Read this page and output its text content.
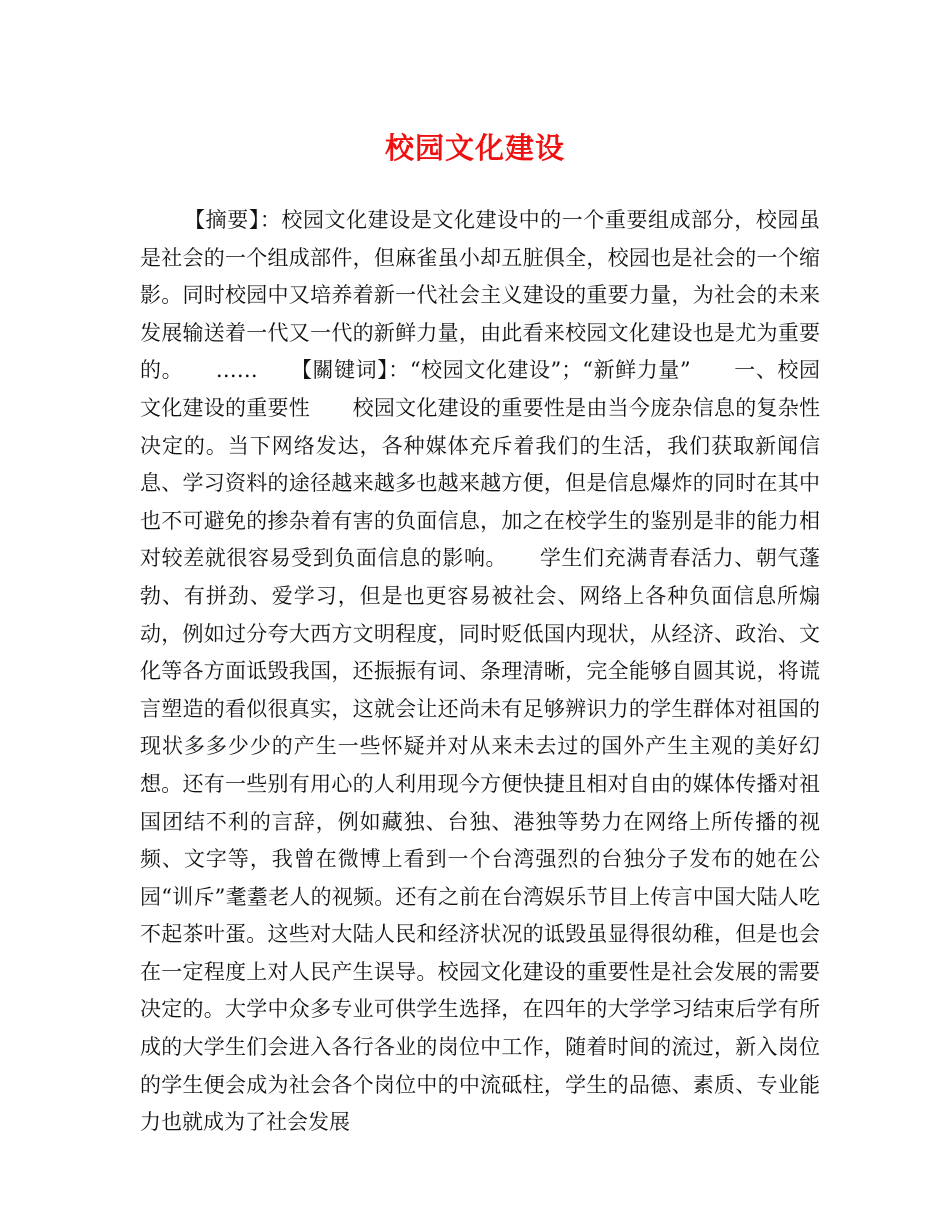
校园文化建设

【摘要】：校园文化建设是文化建设中的一个重要组成部分，校园虽是社会的一个组成部件，但麻雀虽小却五脏俱全，校园也是社会的一个缩影。同时校园中又培养着新一代社会主义建设的重要力量，为社会的未来发展输送着一代又一代的新鲜力量，由此看来校园文化建设也是尤为重要的。　　……　　【關键词】：“校园文化建设”；“新鲜力量”　　一、校园文化建设的重要性　　校园文化建设的重要性是由当今庞杂信息的复杂性决定的。当下网络发达，各种媒体充斥着我们的生活，我们获取新闻信息、学习资料的途径越来越多也越来越方便，但是信息爆炸的同时在其中也不可避免的掺杂着有害的负面信息，加之在校学生的鉴别是非的能力相对较差就很容易受到负面信息的影响。　　学生们充满青春活力、朝气蓬勃、有拼劲、爱学习，但是也更容易被社会、网络上各种负面信息所煽动，例如过分夸大西方文明程度，同时贬低国内现状，从经济、政治、文化等各方面诋毁我国，还振振有词、条理清晰，完全能够自圆其说，将谎言塑造的看似很真实，这就会让还尚未有足够辨识力的学生群体对祖国的现状多多少少的产生一些怀疑并对从来未去过的国外产生主观的美好幻想。还有一些别有用心的人利用现今方便快捷且相对自由的媒体传播对祖国团结不利的言辞，例如藏独、台独、港独等势力在网络上所传播的视频、文字等，我曾在微博上看到一个台湾强烈的台独分子发布的她在公园“训斥”耄耋老人的视频。还有之前在台湾娱乐节目上传言中国大陆人吃不起茶叶蛋。这些对大陆人民和经济状况的诋毁虽显得很幼稚，但是也会在一定程度上对人民产生误导。校园文化建设的重要性是社会发展的需要决定的。大学中众多专业可供学生选择，在四年的大学学习结束后学有所成的大学生们会进入各行各业的岗位中工作，随着时间的流过，新入岗位的学生便会成为社会各个岗位中的中流砥柱，学生的品德、素质、专业能力也就成为了社会发展
